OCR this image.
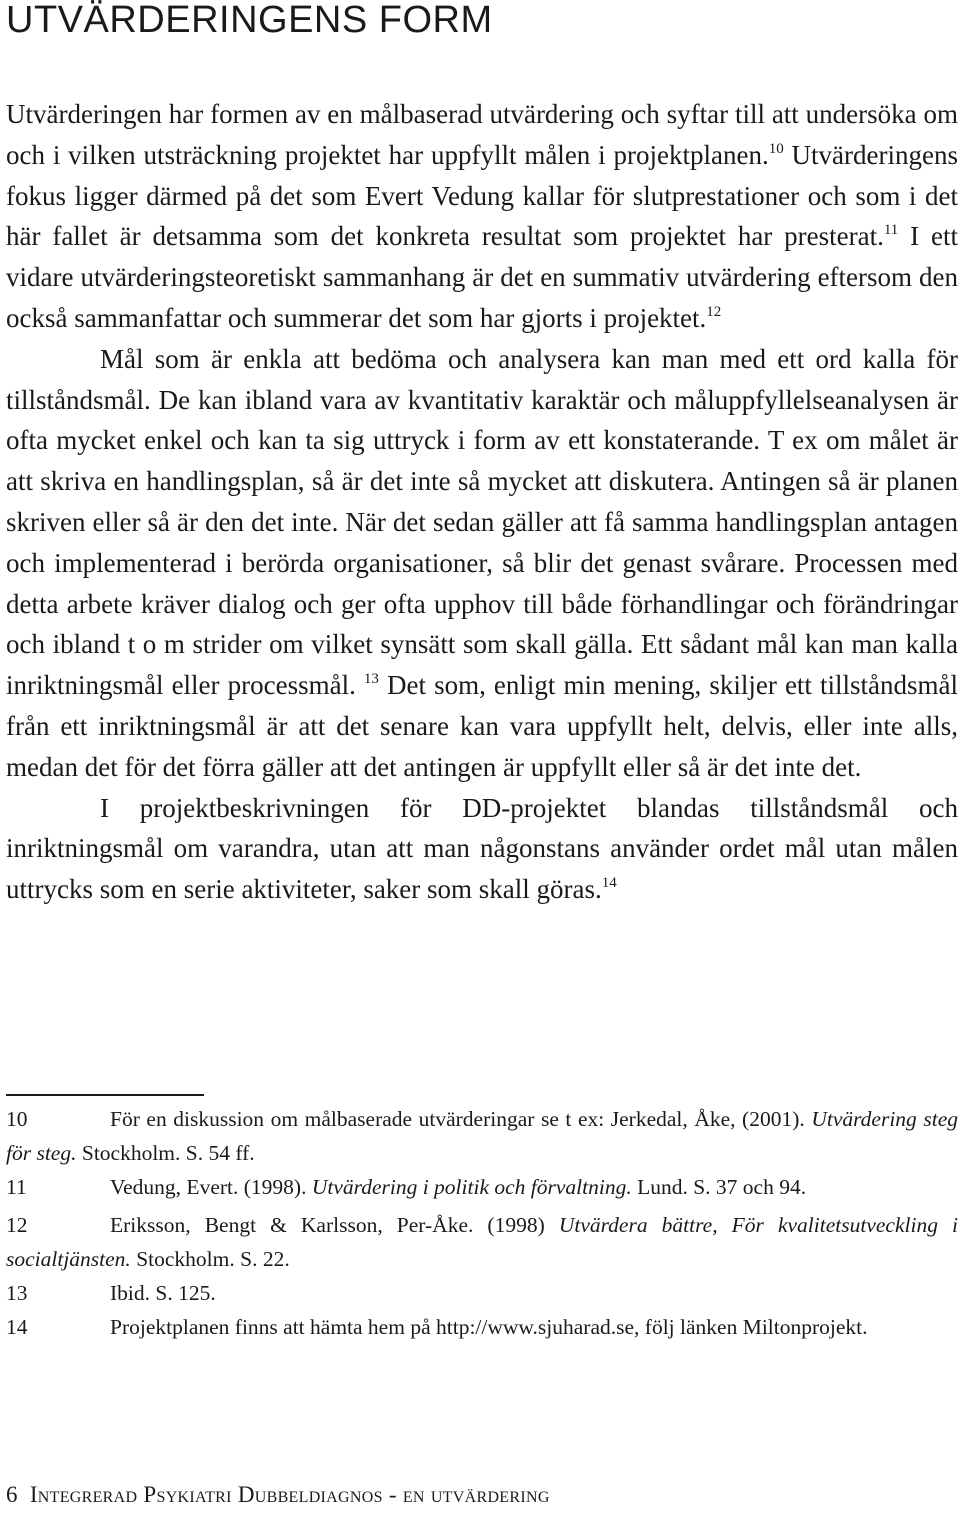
UTVÄRDERINGENS FORM

Utvärderingen har formen av en målbaserad utvärdering och syftar till att undersöka om och i vilken utsträckning projektet har uppfyllt målen i projektplanen.$^{10}$ Utvärderingens fokus ligger därmed på det som Evert Vedung kallar för slutprestationer och som i det här fallet är detsamma som det konkreta resultat som projektet har presterat.$^{11}$ I ett vidare utvärderingsteoretiskt sammanhang är det en summativ utvärdering eftersom den också sammanfattar och summerar det som har gjorts i projektet.$^{12}$

Mål som är enkla att bedöma och analysera kan man med ett ord kalla för tillståndsmål. De kan ibland vara av kvantitativ karaktär och måluppfyllelseanalysen är ofta mycket enkel och kan ta sig uttryck i form av ett konstaterande. T ex om målet är att skriva en handlingsplan, så är det inte så mycket att diskutera. Antingen så är planen skriven eller så är den det inte. När det sedan gäller att få samma handlingsplan antagen och implementerad i berörda organisationer, så blir det genast svårare. Processen med detta arbete kräver dialog och ger ofta upphov till både förhandlingar och förändringar och ibland t o m strider om vilket synsätt som skall gälla. Ett sådant mål kan man kalla inriktningsmål eller processmål. $^{13}$ Det som, enligt min mening, skiljer ett tillståndsmål från ett inriktningsmål är att det senare kan vara uppfyllt helt, delvis, eller inte alls, medan det för det förra gäller att det antingen är uppfyllt eller så är det inte det.

I projektbeskrivningen för DD-projektet blandas tillståndsmål och inriktningsmål om varandra, utan att man någonstans använder ordet mål utan målen uttrycks som en serie aktiviteter, saker som skall göras.$^{14}$

10	För en diskussion om målbaserade utvärderingar se t ex: Jerkedal, Åke, (2001). Utvärdering steg för steg. Stockholm. S. 54 ff.

11	Vedung, Evert. (1998). Utvärdering i politik och förvaltning. Lund. S. 37 och 94.

12	Eriksson, Bengt & Karlsson, Per-Åke. (1998) Utvärdera bättre, För kvalitetsutveckling i socialtjänsten. Stockholm. S. 22.

13	Ibid. S. 125.

14	Projektplanen finns att hämta hem på http://www.sjuharad.se, följ länken Miltonprojekt.

6 Integrerad Psykiatri Dubbeldiagnos - en utvärdering
